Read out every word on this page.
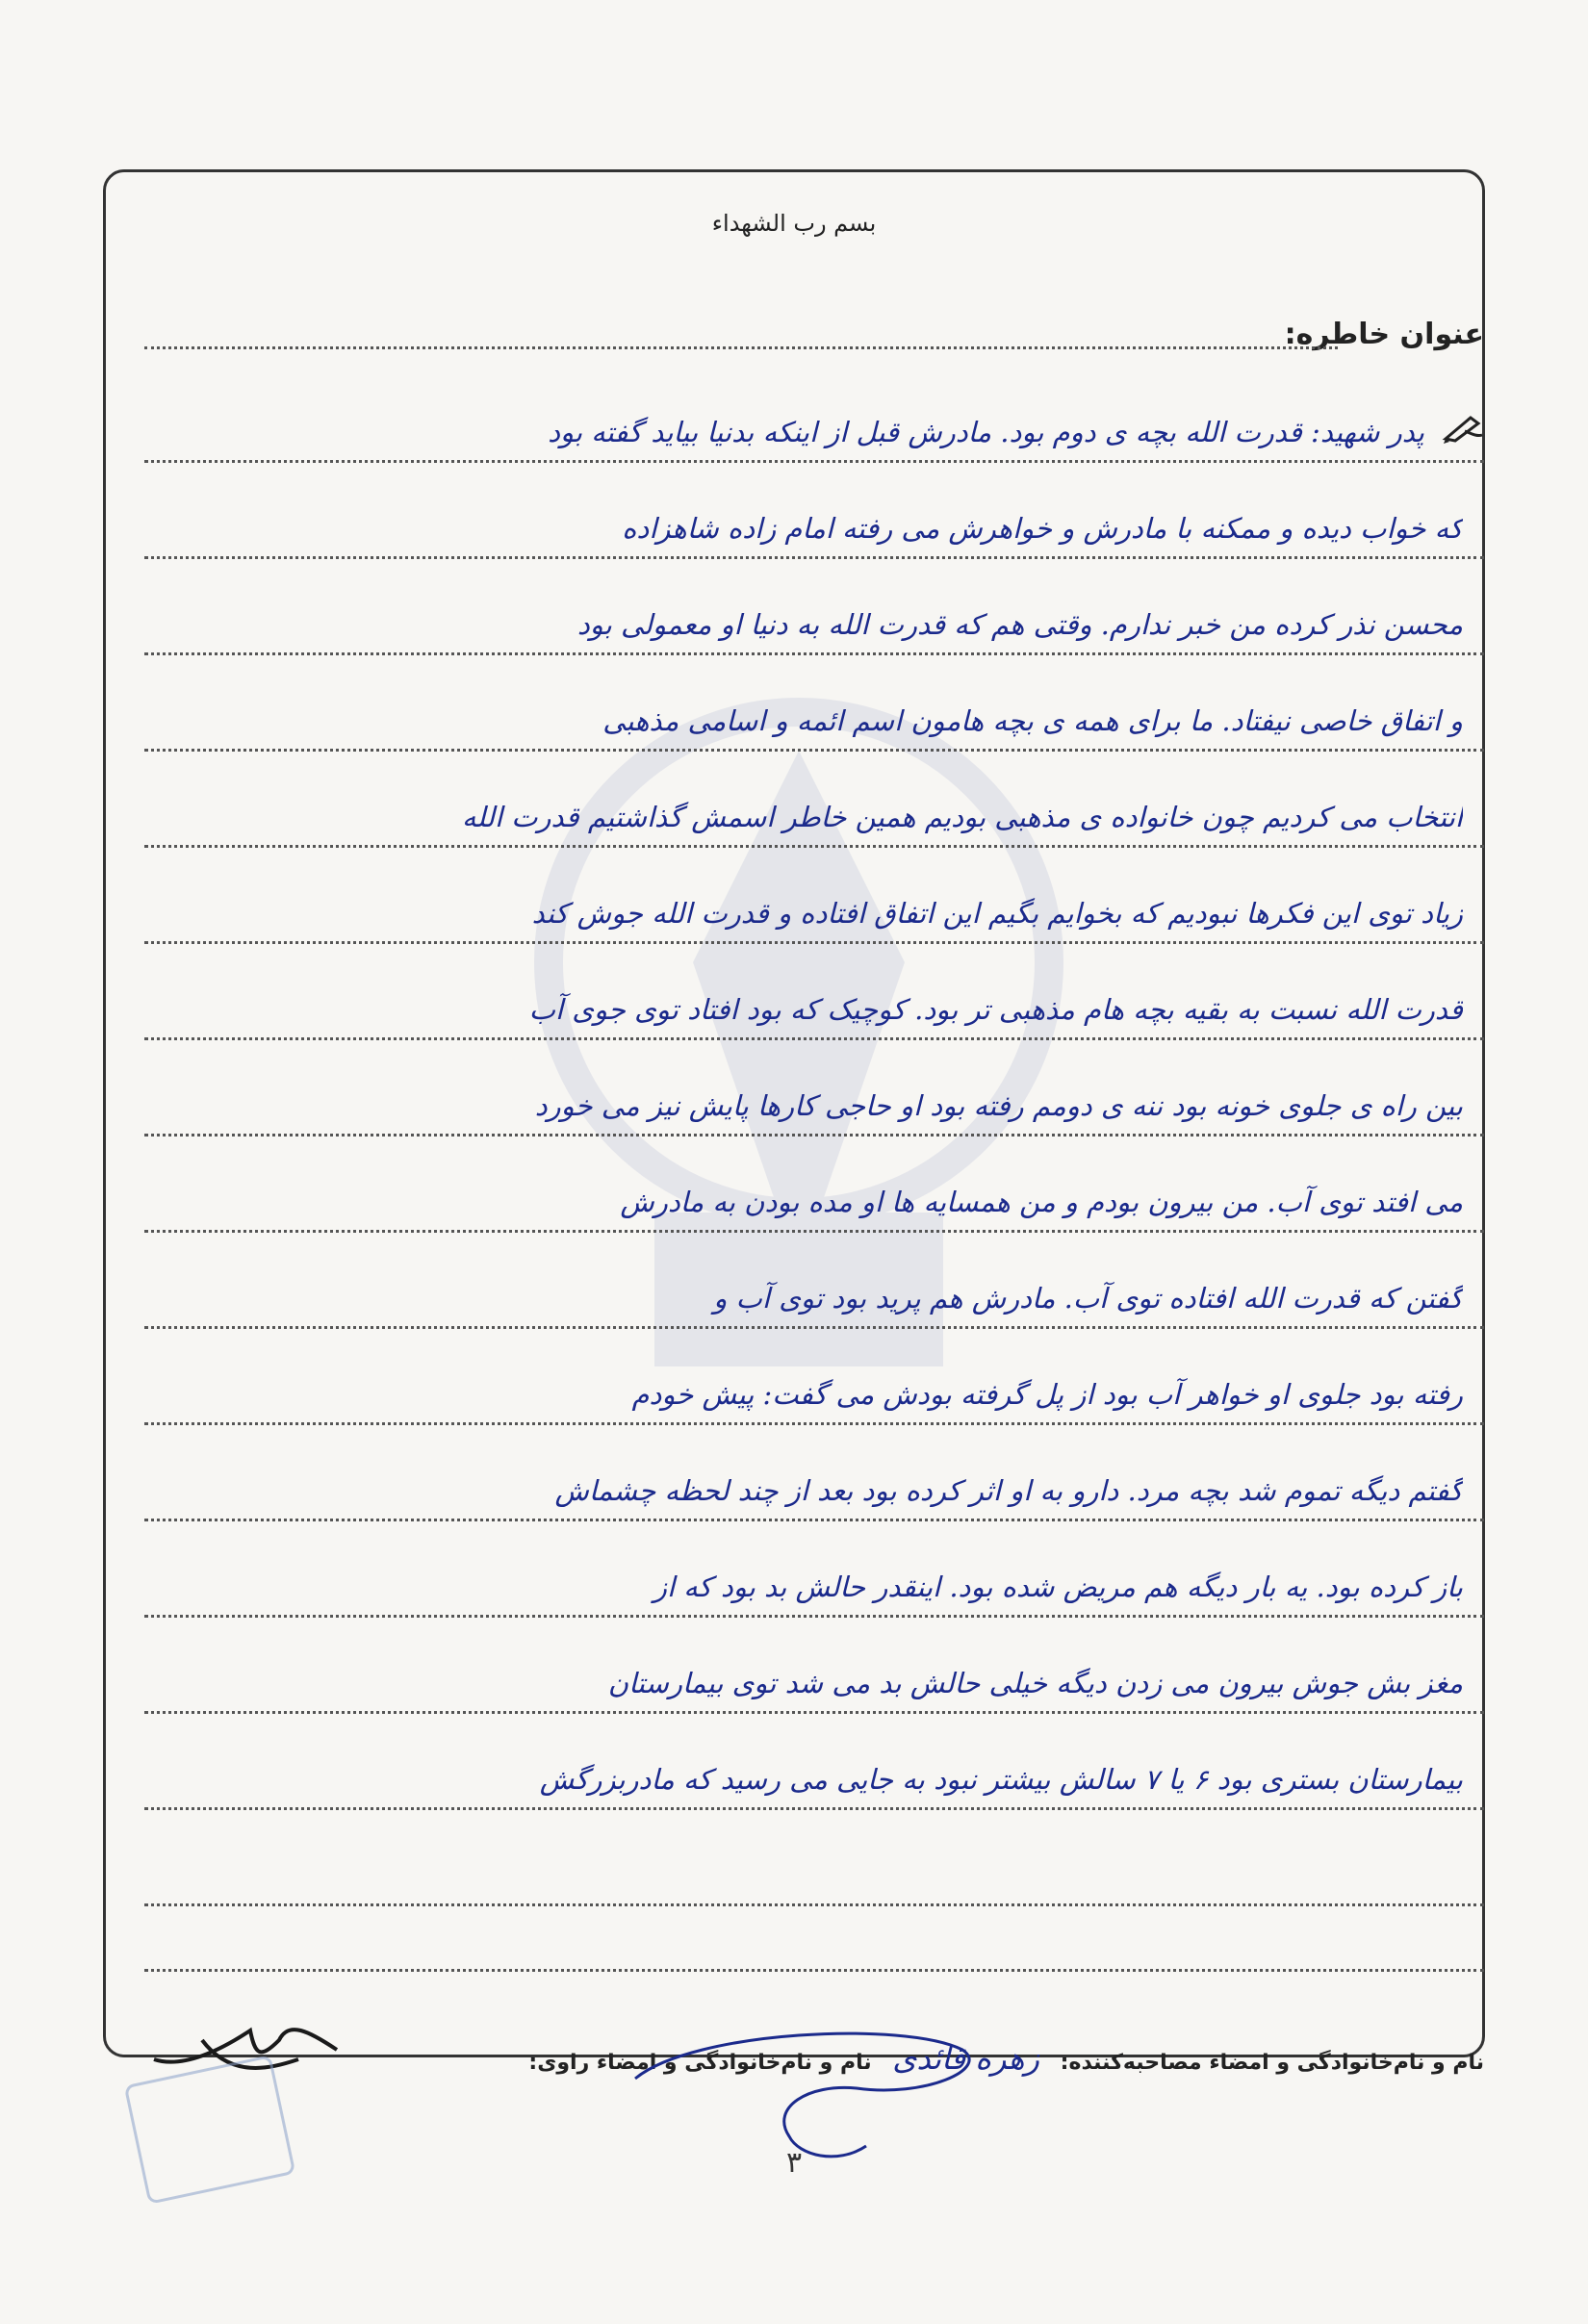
بسم رب الشهداء
عنوان خاطره:
پدر شهید: قدرت الله بچه ی دوم بود. مادرش قبل از اینکه بدنیا بیاید گفته بود
که خواب دیده و ممکنه با مادرش و خواهرش می رفته امام زاده شاهزاده
محسن نذر کرده من خبر ندارم. وقتی هم که قدرت الله به دنیا او معمولی بود
و اتفاق خاصی نیفتاد. ما برای همه ی بچه هامون اسم ائمه و اسامی مذهبی
انتخاب می کردیم چون خانواده ی مذهبی بودیم همین خاطر اسمش گذاشتیم قدرت الله
زیاد توی این فکرها نبودیم که بخوایم بگیم این اتفاق افتاده و قدرت الله جوش کند
قدرت الله نسبت به بقیه بچه هام مذهبی تر بود. کوچیک که بود افتاد توی جوی آب
بین راه ی جلوی خونه بود ننه ی دومم رفته بود او حاجی کارها پایش نیز می خورد
می افتد توی آب. من بیرون بودم و من همسایه ها او مده بودن به مادرش
گفتن که قدرت الله افتاده توی آب. مادرش هم پرید بود توی آب و
رفته بود جلوی او خواهر آب بود از پل گرفته بودش می گفت: پیش خودم
گفتم دیگه تموم شد بچه مرد. دارو به او اثر کرده بود بعد از چند لحظه چشماش
باز کرده بود. یه بار دیگه هم مریض شده بود. اینقدر حالش بد بود که از
مغز بش جوش بیرون می زدن دیگه خیلی حالش بد می شد توی بیمارستان
بیمارستان بستری بود ۶ یا ۷ سالش بیشتر نبود به جایی می رسید که مادربزرگش
نام و نام‌خانوادگی و امضاء مصاحبه‌کننده: زهره قائدی نام و نام‌خانوادگی و امضاء راوی:
٣
